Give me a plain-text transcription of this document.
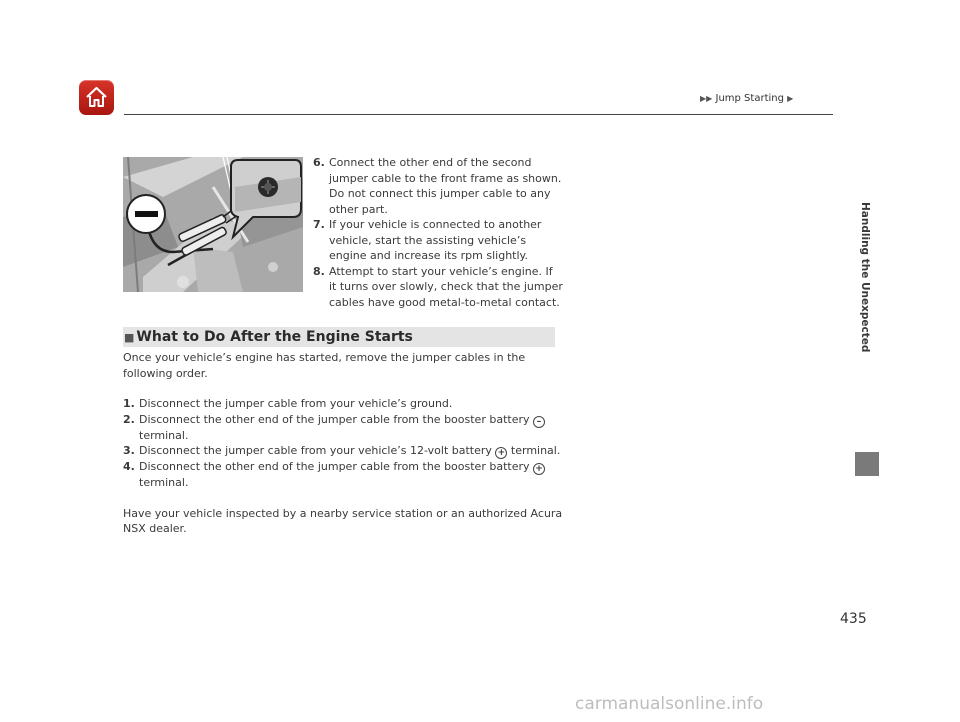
▶▶ Jump Starting ▶
Handling the Unexpected
6. Connect the other end of the second jumper cable to the front frame as shown. Do not connect this jumper cable to any other part.
7. If your vehicle is connected to another vehicle, start the assisting vehicle’s engine and increase its rpm slightly.
8. Attempt to start your vehicle’s engine. If it turns over slowly, check that the jumper cables have good metal-to-metal contact.
■ What to Do After the Engine Starts

Once your vehicle’s engine has started, remove the jumper cables in the following order.

1. Disconnect the jumper cable from your vehicle’s ground.
2. Disconnect the other end of the jumper cable from the booster battery – terminal.
3. Disconnect the jumper cable from your vehicle’s 12-volt battery + terminal.
4. Disconnect the other end of the jumper cable from the booster battery + terminal.

Have your vehicle inspected by a nearby service station or an authorized Acura NSX dealer.

435
carmanualsonline.info
